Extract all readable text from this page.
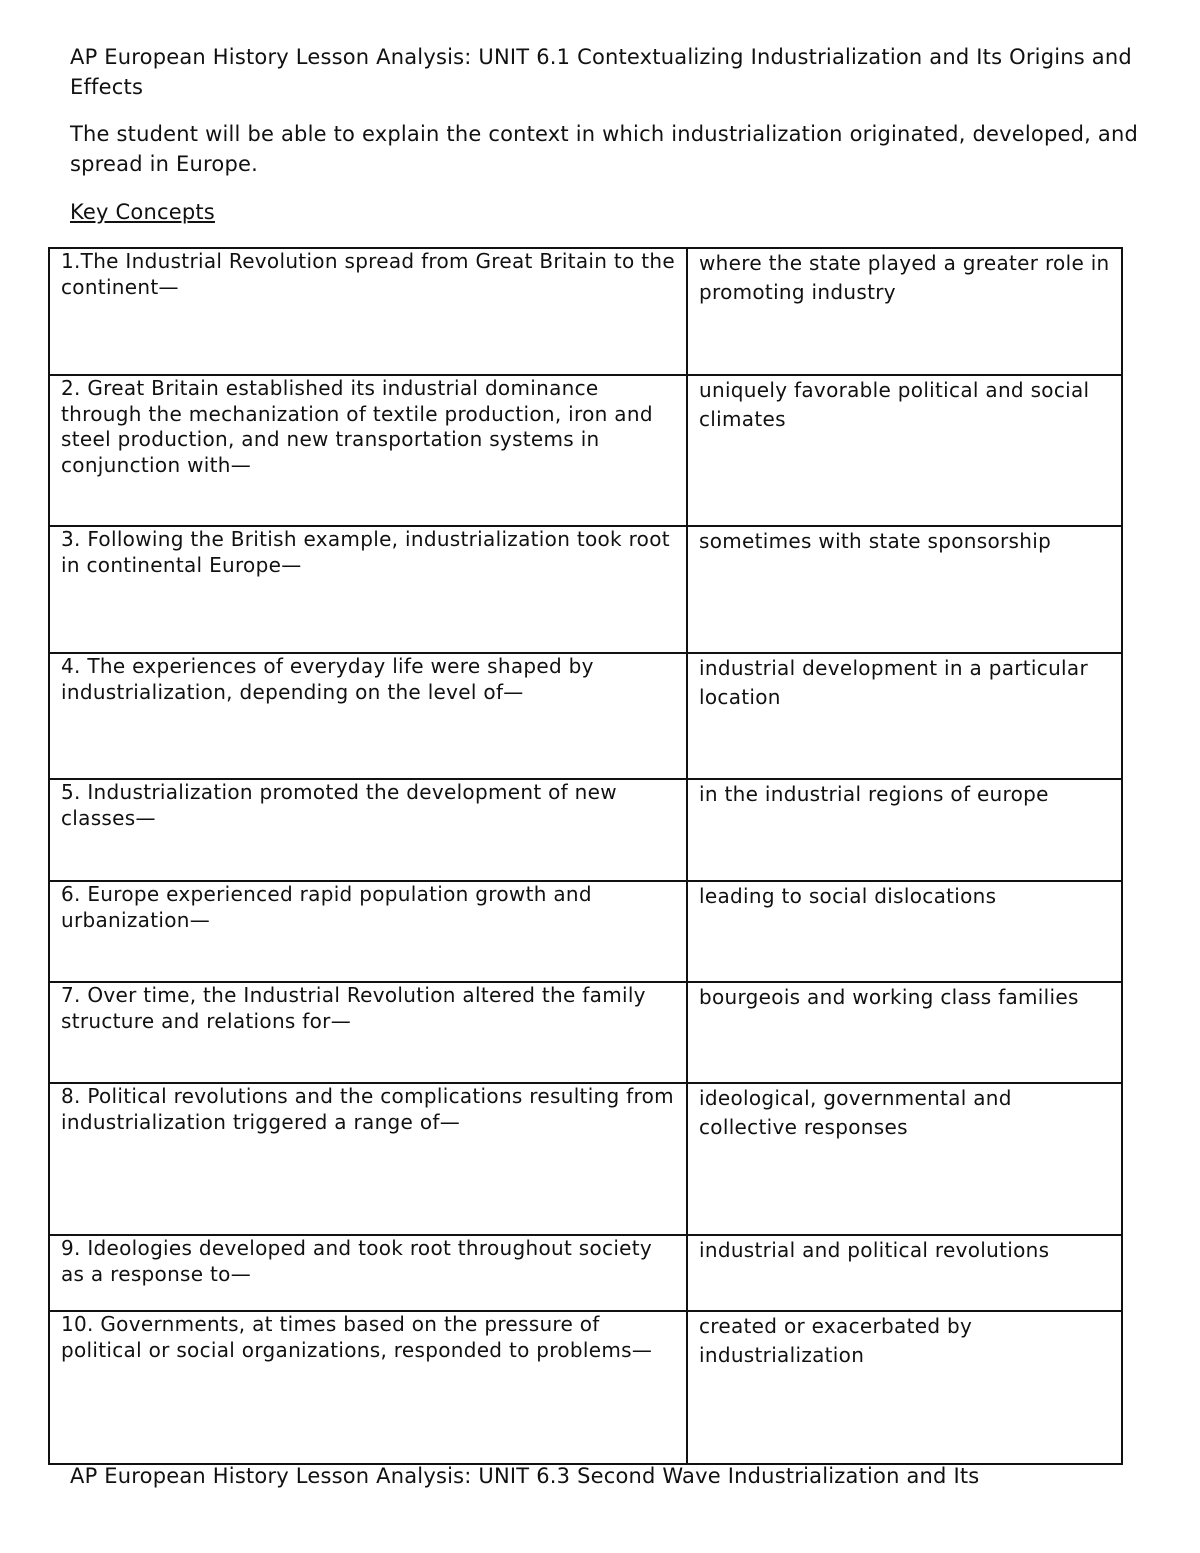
AP European History Lesson Analysis: UNIT 6.1 Contextualizing Industrialization and Its Origins and Effects
The student will be able to explain the context in which industrialization originated, developed, and spread in Europe.
Key Concepts
1.The Industrial Revolution spread from Great Britain to the continent—	where the state played a greater role in promoting industry
2. Great Britain established its industrial dominance through the mechanization of textile production, iron and steel production, and new transportation systems in conjunction with—	uniquely favorable political and social climates
3. Following the British example, industrialization took root in continental Europe—	sometimes with state sponsorship
4. The experiences of everyday life were shaped by industrialization, depending on the level of—	industrial development in a particular location
5. Industrialization promoted the development of new classes—	in the industrial regions of europe
6. Europe experienced rapid population growth and urbanization—	leading to social dislocations
7. Over time, the Industrial Revolution altered the family structure and relations for—	bourgeois and working class families
8. Political revolutions and the complications resulting from industrialization triggered a range of—	ideological, governmental and collective responses
9. Ideologies developed and took root throughout society as a response to—	industrial and political revolutions
10. Governments, at times based on the pressure of political or social organizations, responded to problems—	created or exacerbated by industrialization
AP European History Lesson Analysis: UNIT 6.3 Second Wave Industrialization and Its
